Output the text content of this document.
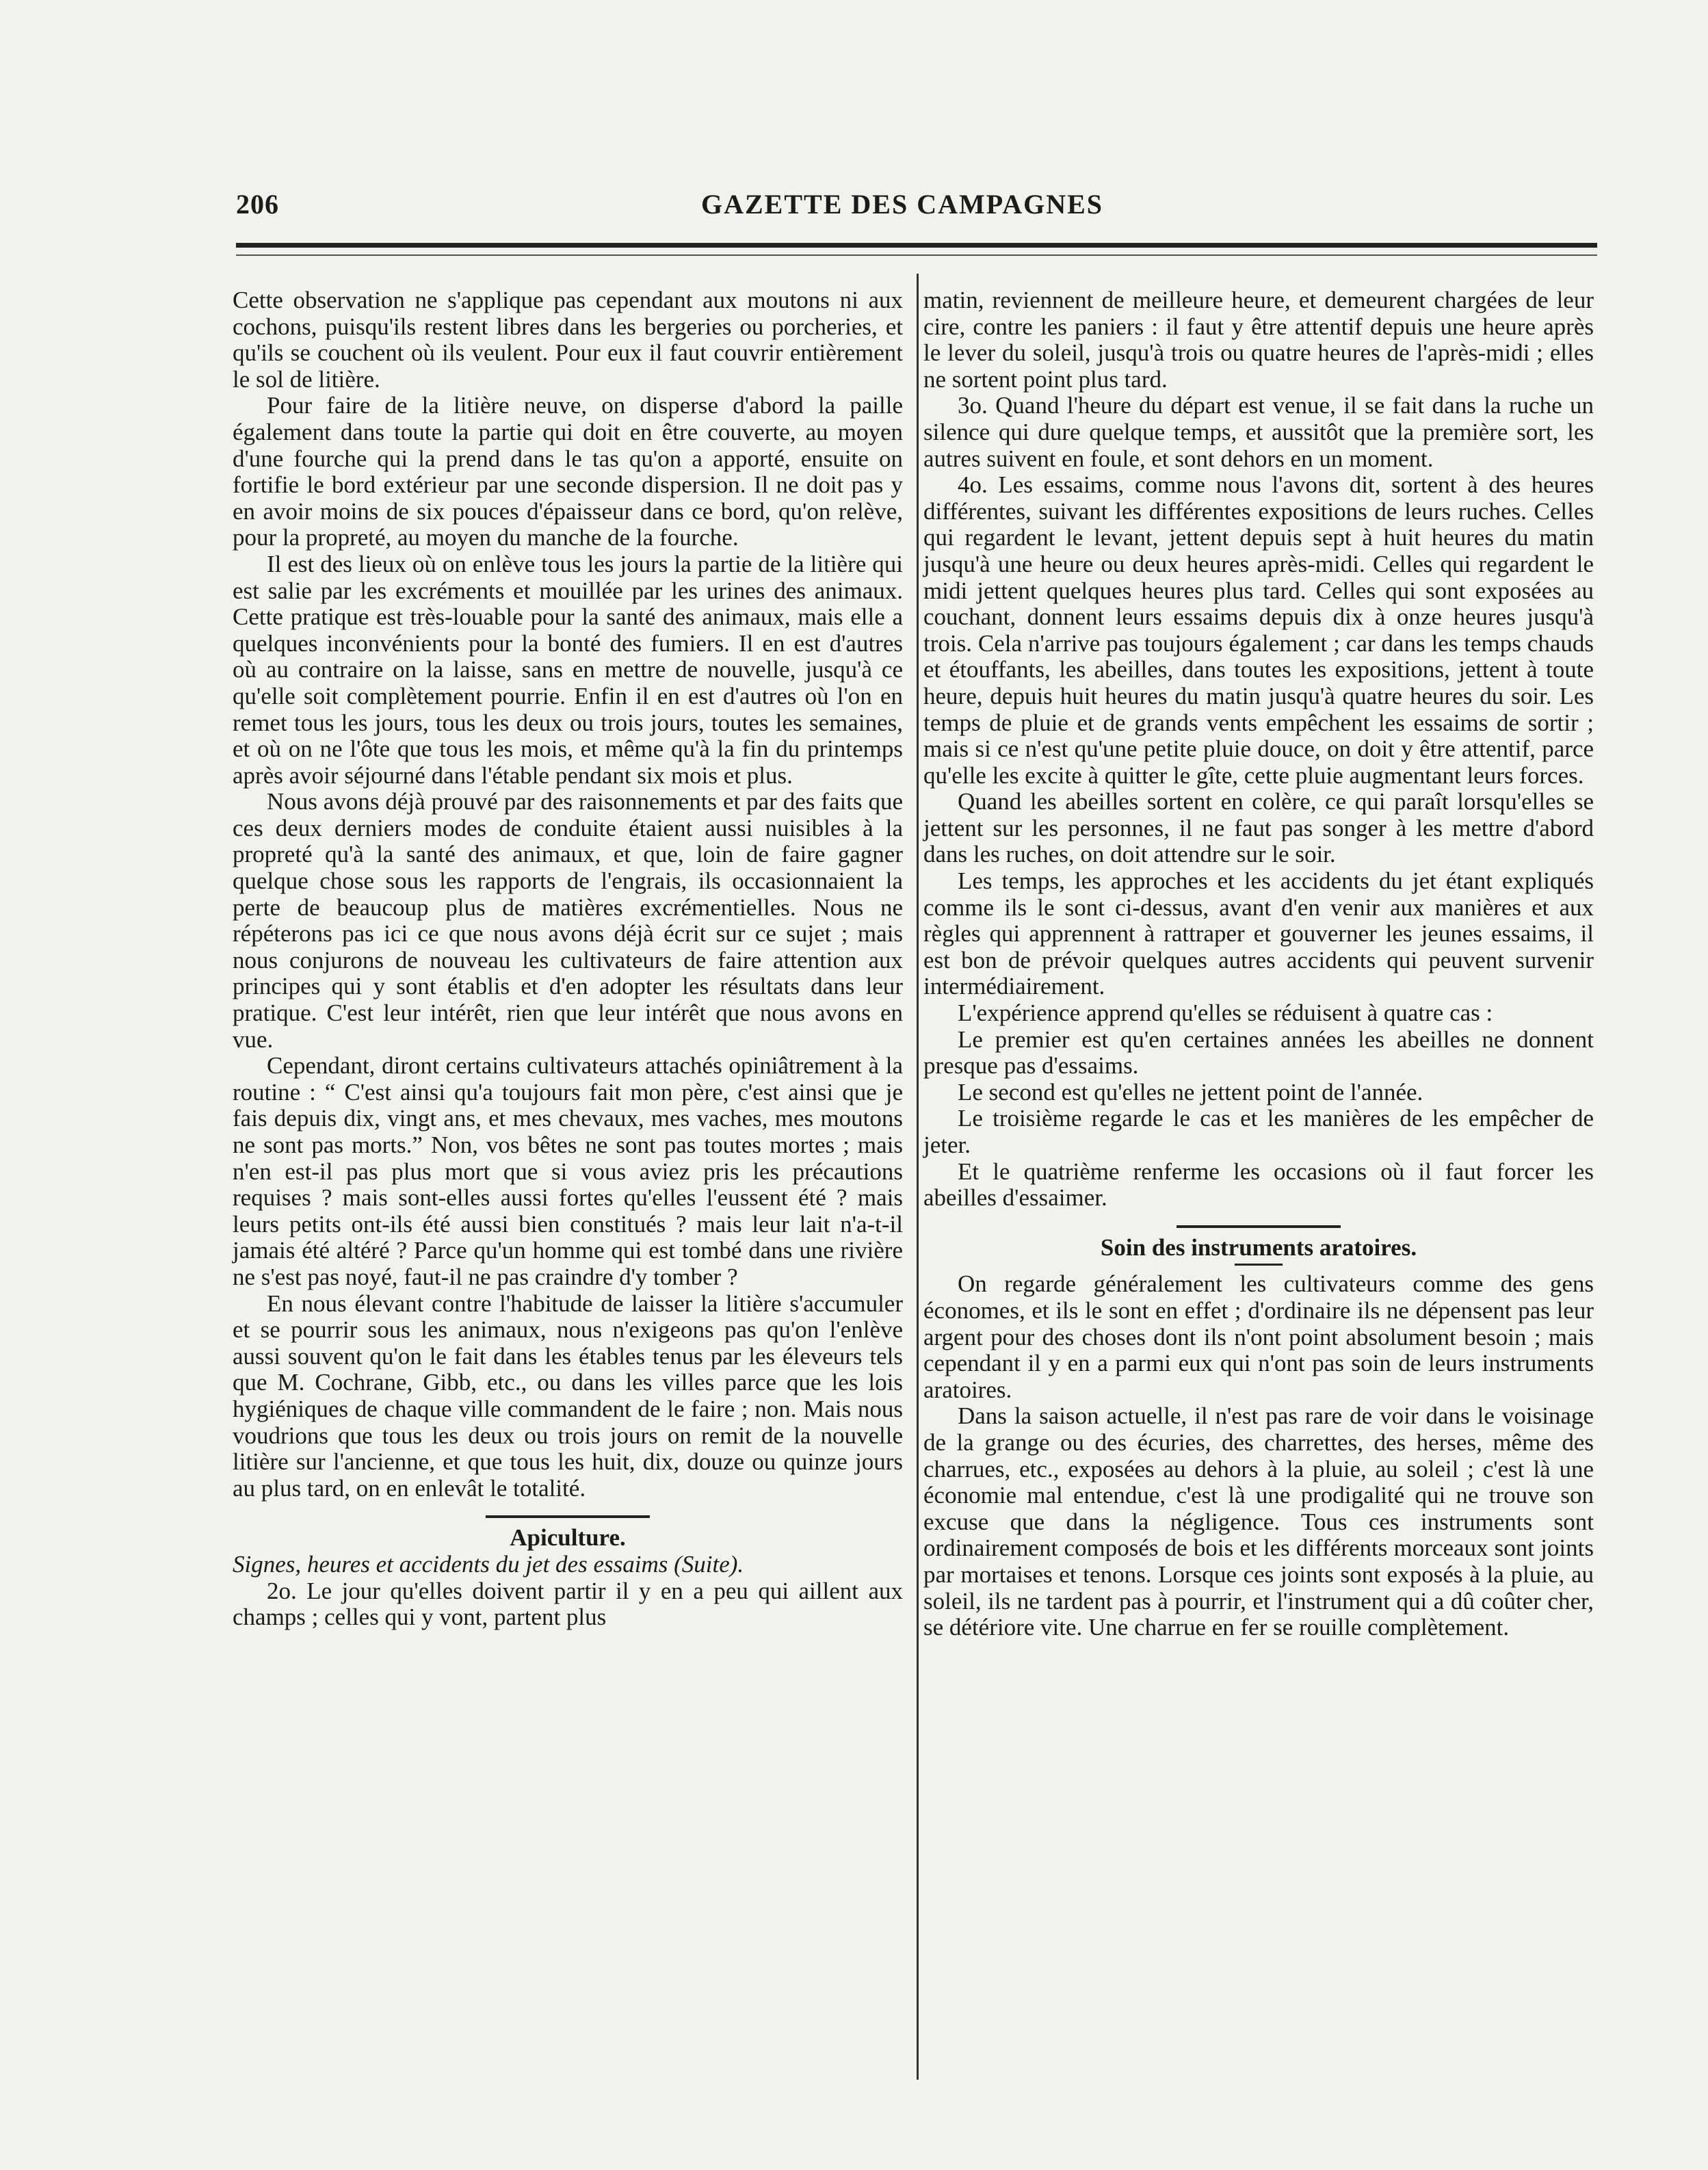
206	GAZETTE DES CAMPAGNES

Cette observation ne s'applique pas cependant aux moutons ni aux cochons, puisqu'ils restent libres dans les bergeries ou porcheries, et qu'ils se couchent où ils veulent. Pour eux il faut couvrir entièrement le sol de litière.

Pour faire de la litière neuve, on disperse d'abord la paille également dans toute la partie qui doit en être couverte, au moyen d'une fourche qui la prend dans le tas qu'on a apporté, ensuite on fortifie le bord extérieur par une seconde dispersion. Il ne doit pas y en avoir moins de six pouces d'épaisseur dans ce bord, qu'on relève, pour la propreté, au moyen du manche de la fourche.

Il est des lieux où on enlève tous les jours la partie de la litière qui est salie par les excréments et mouillée par les urines des animaux. Cette pratique est très-louable pour la santé des animaux, mais elle a quelques inconvénients pour la bonté des fumiers. Il en est d'autres où au contraire on la laisse, sans en mettre de nouvelle, jusqu'à ce qu'elle soit complètement pourrie. Enfin il en est d'autres où l'on en remet tous les jours, tous les deux ou trois jours, toutes les semaines, et où on ne l'ôte que tous les mois, et même qu'à la fin du printemps après avoir séjourné dans l'étable pendant six mois et plus.

Nous avons déjà prouvé par des raisonnements et par des faits que ces deux derniers modes de conduite étaient aussi nuisibles à la propreté qu'à la santé des animaux, et que, loin de faire gagner quelque chose sous les rapports de l'engrais, ils occasionnaient la perte de beaucoup plus de matières excrémentielles. Nous ne répéterons pas ici ce que nous avons déjà écrit sur ce sujet ; mais nous conjurons de nouveau les cultivateurs de faire attention aux principes qui y sont établis et d'en adopter les résultats dans leur pratique. C'est leur intérêt, rien que leur intérêt que nous avons en vue.

Cependant, diront certains cultivateurs attachés opiniâtrement à la routine : “ C'est ainsi qu'a toujours fait mon père, c'est ainsi que je fais depuis dix, vingt ans, et mes chevaux, mes vaches, mes moutons ne sont pas morts.” Non, vos bêtes ne sont pas toutes mortes ; mais n'en est-il pas plus mort que si vous aviez pris les précautions requises ? mais sont-elles aussi fortes qu'elles l'eussent été ? mais leurs petits ont-ils été aussi bien constitués ? mais leur lait n'a-t-il jamais été altéré ? Parce qu'un homme qui est tombé dans une rivière ne s'est pas noyé, faut-il ne pas craindre d'y tomber ?

En nous élevant contre l'habitude de laisser la litière s'accumuler et se pourrir sous les animaux, nous n'exigeons pas qu'on l'enlève aussi souvent qu'on le fait dans les étables tenus par les éleveurs tels que M. Cochrane, Gibb, etc., ou dans les villes parce que les lois hygiéniques de chaque ville commandent de le faire ; non. Mais nous voudrions que tous les deux ou trois jours on remit de la nouvelle litière sur l'ancienne, et que tous les huit, dix, douze ou quinze jours au plus tard, on en enlevât le totalité.

Apiculture.

Signes, heures et accidents du jet des essaims (Suite).

2o. Le jour qu'elles doivent partir il y en a peu qui aillent aux champs ; celles qui y vont, partent plus

matin, reviennent de meilleure heure, et demeurent chargées de leur cire, contre les paniers : il faut y être attentif depuis une heure après le lever du soleil, jusqu'à trois ou quatre heures de l'après-midi ; elles ne sortent point plus tard.

3o. Quand l'heure du départ est venue, il se fait dans la ruche un silence qui dure quelque temps, et aussitôt que la première sort, les autres suivent en foule, et sont dehors en un moment.

4o. Les essaims, comme nous l'avons dit, sortent à des heures différentes, suivant les différentes expositions de leurs ruches. Celles qui regardent le levant, jettent depuis sept à huit heures du matin jusqu'à une heure ou deux heures après-midi. Celles qui regardent le midi jettent quelques heures plus tard. Celles qui sont exposées au couchant, donnent leurs essaims depuis dix à onze heures jusqu'à trois. Cela n'arrive pas toujours également ; car dans les temps chauds et étouffants, les abeilles, dans toutes les expositions, jettent à toute heure, depuis huit heures du matin jusqu'à quatre heures du soir. Les temps de pluie et de grands vents empêchent les essaims de sortir ; mais si ce n'est qu'une petite pluie douce, on doit y être attentif, parce qu'elle les excite à quitter le gîte, cette pluie augmentant leurs forces.

Quand les abeilles sortent en colère, ce qui paraît lorsqu'elles se jettent sur les personnes, il ne faut pas songer à les mettre d'abord dans les ruches, on doit attendre sur le soir.

Les temps, les approches et les accidents du jet étant expliqués comme ils le sont ci-dessus, avant d'en venir aux manières et aux règles qui apprennent à rattraper et gouverner les jeunes essaims, il est bon de prévoir quelques autres accidents qui peuvent survenir intermédiairement.

L'expérience apprend qu'elles se réduisent à quatre cas :

Le premier est qu'en certaines années les abeilles ne donnent presque pas d'essaims.

Le second est qu'elles ne jettent point de l'année.

Le troisième regarde le cas et les manières de les empêcher de jeter.

Et le quatrième renferme les occasions où il faut forcer les abeilles d'essaimer.

Soin des instruments aratoires.

On regarde généralement les cultivateurs comme des gens économes, et ils le sont en effet ; d'ordinaire ils ne dépensent pas leur argent pour des choses dont ils n'ont point absolument besoin ; mais cependant il y en a parmi eux qui n'ont pas soin de leurs instruments aratoires.

Dans la saison actuelle, il n'est pas rare de voir dans le voisinage de la grange ou des écuries, des charrettes, des herses, même des charrues, etc., exposées au dehors à la pluie, au soleil ; c'est là une économie mal entendue, c'est là une prodigalité qui ne trouve son excuse que dans la négligence. Tous ces instruments sont ordinairement composés de bois et les différents morceaux sont joints par mortaises et tenons. Lorsque ces joints sont exposés à la pluie, au soleil, ils ne tardent pas à pourrir, et l'instrument qui a dû coûter cher, se détériore vite. Une charrue en fer se rouille complètement.
